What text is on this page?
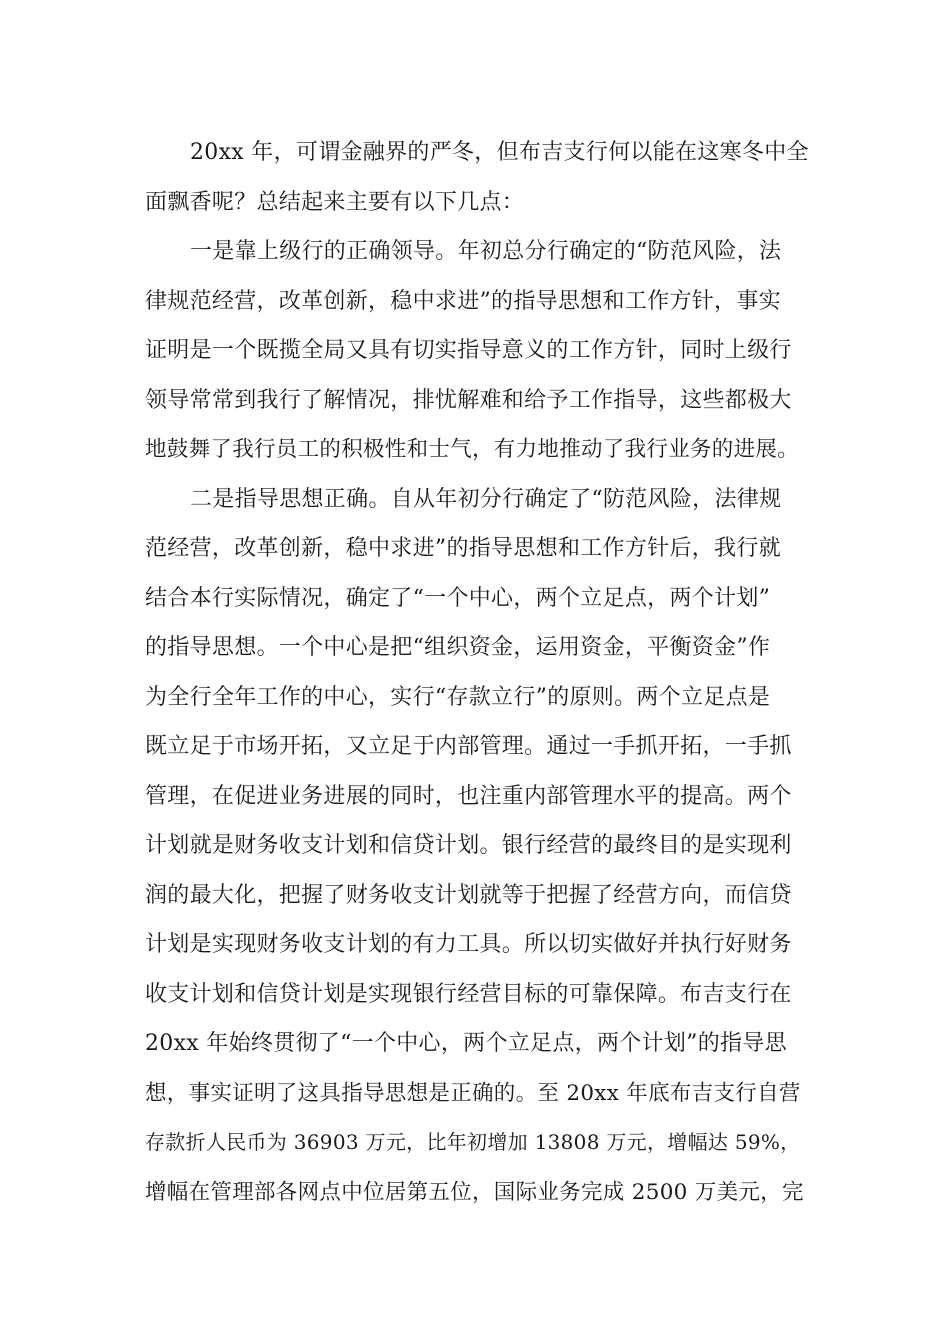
20xx 年，可谓金融界的严冬，但布吉支行何以能在这寒冬中全
面飘香呢？总结起来主要有以下几点：
一是靠上级行的正确领导。年初总分行确定的“防范风险，法
律规范经营，改革创新，稳中求进”的指导思想和工作方针，事实
证明是一个既揽全局又具有切实指导意义的工作方针，同时上级行
领导常常到我行了解情况，排忧解难和给予工作指导，这些都极大
地鼓舞了我行员工的积极性和士气，有力地推动了我行业务的进展。
二是指导思想正确。自从年初分行确定了“防范风险，法律规
范经营，改革创新，稳中求进”的指导思想和工作方针后，我行就
结合本行实际情况，确定了“一个中心，两个立足点，两个计划”
的指导思想。一个中心是把“组织资金，运用资金，平衡资金”作
为全行全年工作的中心，实行“存款立行”的原则。两个立足点是
既立足于市场开拓，又立足于内部管理。通过一手抓开拓，一手抓
管理，在促进业务进展的同时，也注重内部管理水平的提高。两个
计划就是财务收支计划和信贷计划。银行经营的最终目的是实现利
润的最大化，把握了财务收支计划就等于把握了经营方向，而信贷
计划是实现财务收支计划的有力工具。所以切实做好并执行好财务
收支计划和信贷计划是实现银行经营目标的可靠保障。布吉支行在
20xx 年始终贯彻了“一个中心，两个立足点，两个计划”的指导思
想，事实证明了这具指导思想是正确的。至 20xx 年底布吉支行自营
存款折人民币为 36903 万元，比年初增加 13808 万元，增幅达 59%，
增幅在管理部各网点中位居第五位，国际业务完成 2500 万美元，完
